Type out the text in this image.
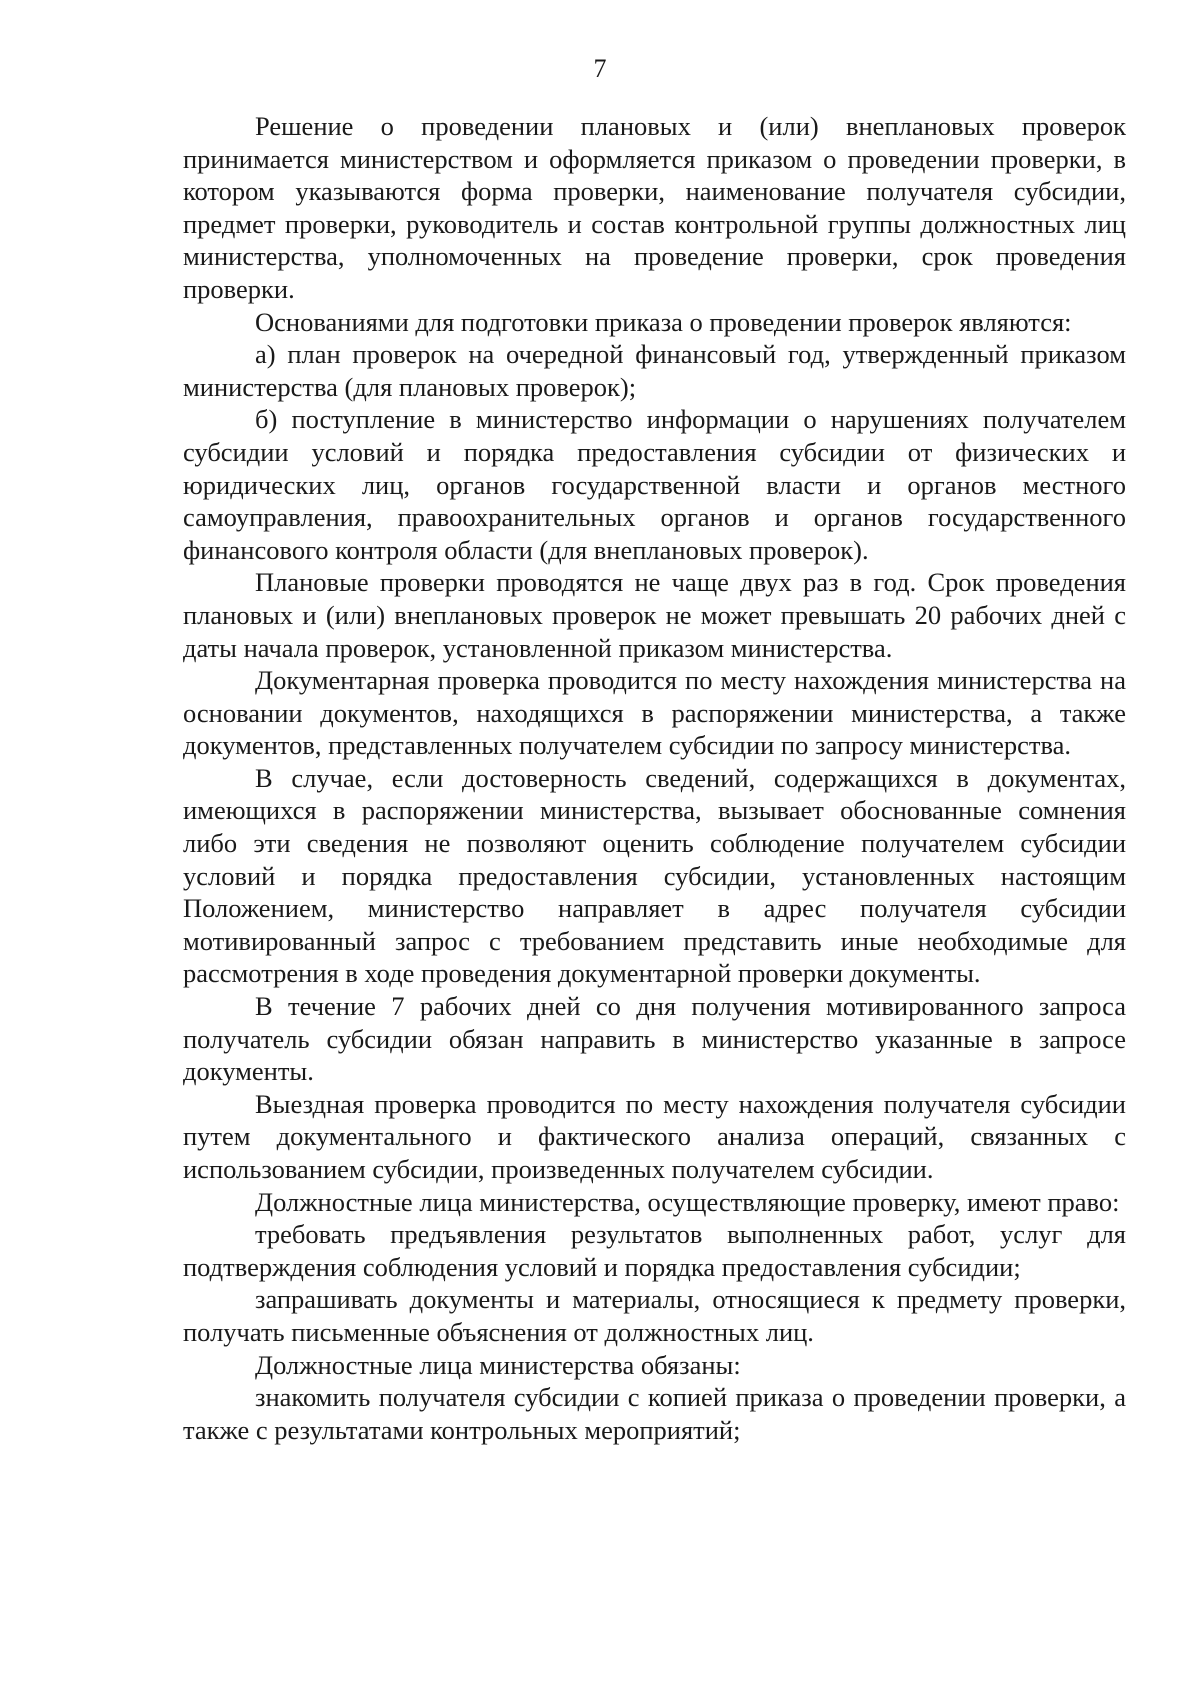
7

Решение о проведении плановых и (или) внеплановых проверок принимается министерством и оформляется приказом о проведении проверки, в котором указываются форма проверки, наименование получателя субсидии, предмет проверки, руководитель и состав контрольной группы должностных лиц министерства, уполномоченных на проведение проверки, срок проведения проверки.

Основаниями для подготовки приказа о проведении проверок являются:

а) план проверок на очередной финансовый год, утвержденный приказом министерства (для плановых проверок);

б) поступление в министерство информации о нарушениях получателем субсидии условий и порядка предоставления субсидии от физических и юридических лиц, органов государственной власти и органов местного самоуправления, правоохранительных органов и органов государственного финансового контроля области (для внеплановых проверок).

Плановые проверки проводятся не чаще двух раз в год. Срок проведения плановых и (или) внеплановых проверок не может превышать 20 рабочих дней с даты начала проверок, установленной приказом министерства.

Документарная проверка проводится по месту нахождения министерства на основании документов, находящихся в распоряжении министерства, а также документов, представленных получателем субсидии по запросу министерства.

В случае, если достоверность сведений, содержащихся в документах, имеющихся в распоряжении министерства, вызывает обоснованные сомнения либо эти сведения не позволяют оценить соблюдение получателем субсидии условий и порядка предоставления субсидии, установленных настоящим Положением, министерство направляет в адрес получателя субсидии мотивированный запрос с требованием представить иные необходимые для рассмотрения в ходе проведения документарной проверки документы.

В течение 7 рабочих дней со дня получения мотивированного запроса получатель субсидии обязан направить в министерство указанные в запросе документы.

Выездная проверка проводится по месту нахождения получателя субсидии путем документального и фактического анализа операций, связанных с использованием субсидии, произведенных получателем субсидии.

Должностные лица министерства, осуществляющие проверку, имеют право:

требовать предъявления результатов выполненных работ, услуг для подтверждения соблюдения условий и порядка предоставления субсидии;

запрашивать документы и материалы, относящиеся к предмету проверки, получать письменные объяснения от должностных лиц.

Должностные лица министерства обязаны:

знакомить получателя субсидии с копией приказа о проведении проверки, а также с результатами контрольных мероприятий;
